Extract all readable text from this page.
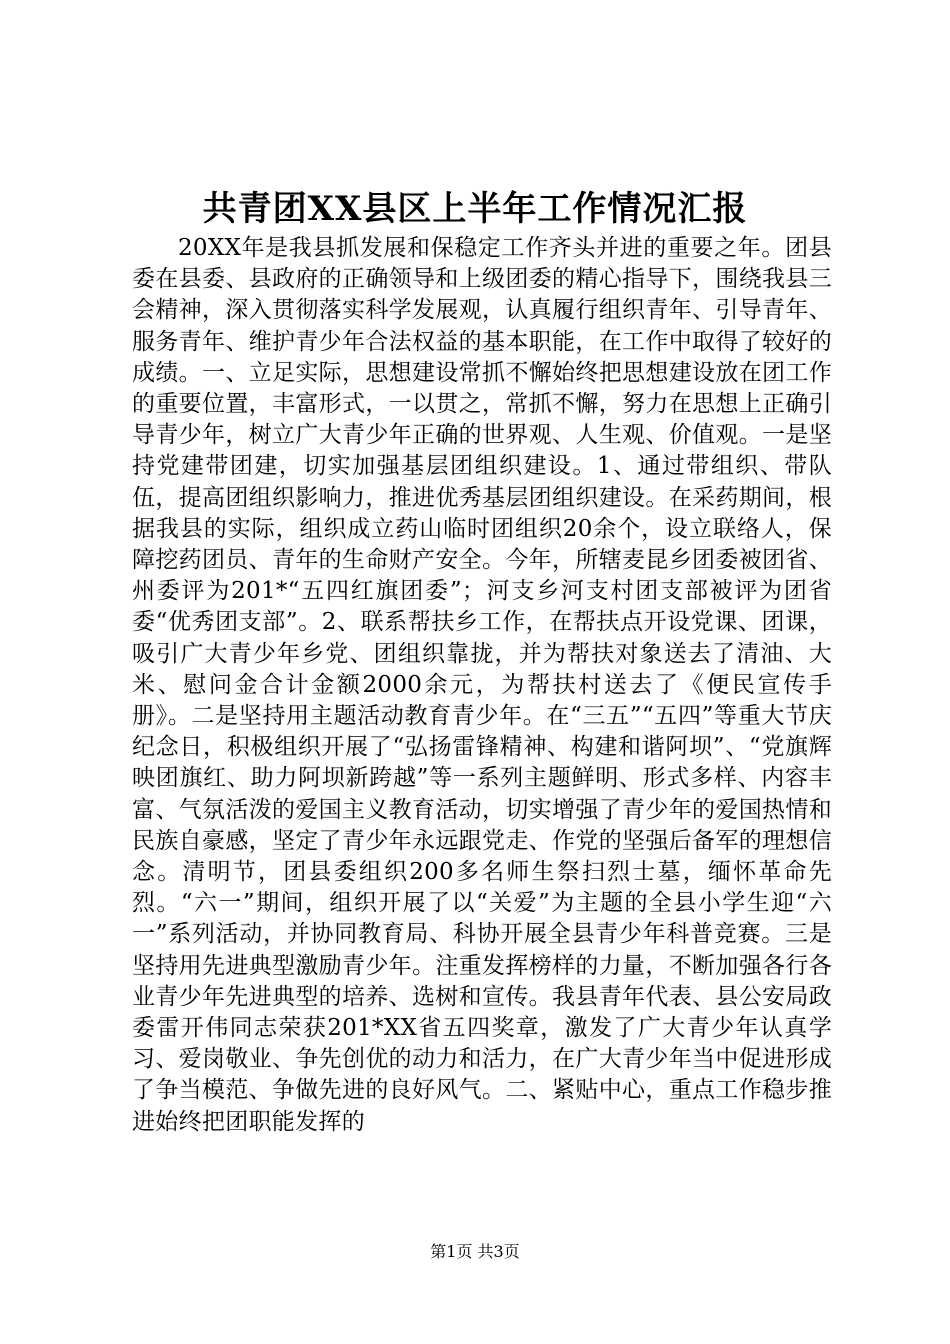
共青团XX县区上半年工作情况汇报

20XX年是我县抓发展和保稳定工作齐头并进的重要之年。团县委在县委、县政府的正确领导和上级团委的精心指导下，围绕我县三会精神，深入贯彻落实科学发展观，认真履行组织青年、引导青年、服务青年、维护青少年合法权益的基本职能，在工作中取得了较好的成绩。一、立足实际，思想建设常抓不懈始终把思想建设放在团工作的重要位置，丰富形式，一以贯之，常抓不懈，努力在思想上正确引导青少年，树立广大青少年正确的世界观、人生观、价值观。一是坚持党建带团建，切实加强基层团组织建设。1、通过带组织、带队伍，提高团组织影响力，推进优秀基层团组织建设。在采药期间，根据我县的实际，组织成立药山临时团组织20余个，设立联络人，保障挖药团员、青年的生命财产安全。今年，所辖麦昆乡团委被团省、州委评为201*“五四红旗团委”；河支乡河支村团支部被评为团省委“优秀团支部”。2、联系帮扶乡工作，在帮扶点开设党课、团课，吸引广大青少年乡党、团组织靠拢，并为帮扶对象送去了清油、大米、慰问金合计金额2000余元，为帮扶村送去了《便民宣传手册》。二是坚持用主题活动教育青少年。在“三五”“五四”等重大节庆纪念日，积极组织开展了“弘扬雷锋精神、构建和谐阿坝”、“党旗辉映团旗红、助力阿坝新跨越”等一系列主题鲜明、形式多样、内容丰富、气氛活泼的爱国主义教育活动，切实增强了青少年的爱国热情和民族自豪感，坚定了青少年永远跟党走、作党的坚强后备军的理想信念。清明节，团县委组织200多名师生祭扫烈士墓，缅怀革命先烈。“六一”期间，组织开展了以“关爱”为主题的全县小学生迎“六一”系列活动，并协同教育局、科协开展全县青少年科普竞赛。三是坚持用先进典型激励青少年。注重发挥榜样的力量，不断加强各行各业青少年先进典型的培养、选树和宣传。我县青年代表、县公安局政委雷开伟同志荣获201*XX省五四奖章，激发了广大青少年认真学习、爱岗敬业、争先创优的动力和活力，在广大青少年当中促进形成了争当模范、争做先进的良好风气。二、紧贴中心，重点工作稳步推进始终把团职能发挥的

第1页 共3页
